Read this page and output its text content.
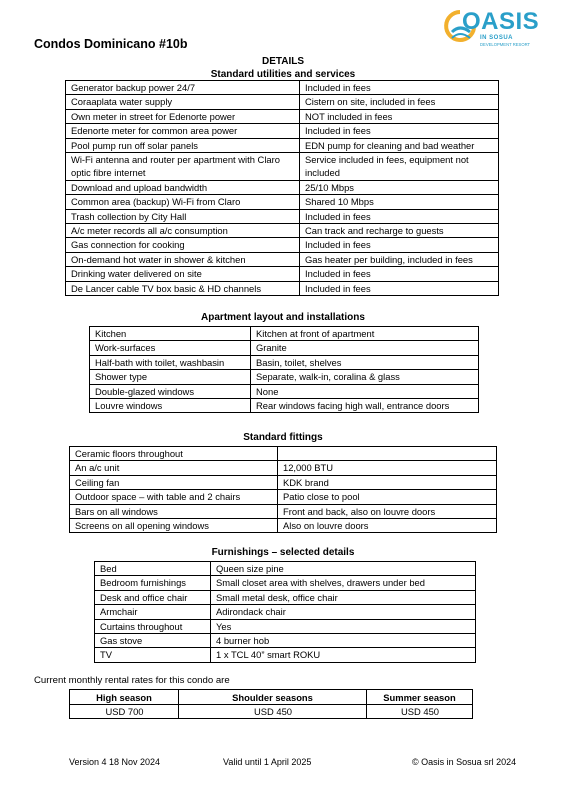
Condos Dominicano #10b
OASIS
IN SOSUA
DEVELOPMENT RESORT
DETAILS
Standard utilities and services
Generator backup power 24/7	Included in fees
Coraaplata water supply	Cistern on site, included in fees
Own meter in street for Edenorte power	NOT included in fees
Edenorte meter for common area power	Included in fees
Pool pump run off solar panels	EDN pump for cleaning and bad weather
Wi-Fi antenna and router per apartment with Claro optic fibre internet	Service included in fees, equipment not included
Download and upload bandwidth	25/10 Mbps
Common area (backup) Wi-Fi from Claro	Shared 10 Mbps
Trash collection by City Hall	Included in fees
A/c meter records all a/c consumption	Can track and recharge to guests
Gas connection for cooking	Included in fees
On-demand hot water in shower & kitchen	Gas heater per building, included in fees
Drinking water delivered on site	Included in fees
De Lancer cable TV box basic & HD channels	Included in fees
Apartment layout and installations
Kitchen	Kitchen at front of apartment
Work-surfaces	Granite
Half-bath with toilet, washbasin	Basin, toilet, shelves
Shower type	Separate, walk-in, coralina & glass
Double-glazed windows	None
Louvre windows	Rear windows facing high wall, entrance doors
Standard fittings
Ceramic floors throughout	
An a/c unit	12,000 BTU
Ceiling fan	KDK brand
Outdoor space – with table and 2 chairs	Patio close to pool
Bars on all windows	Front and back, also on louvre doors
Screens on all opening windows	Also on louvre doors
Furnishings – selected details
Bed	Queen size pine
Bedroom furnishings	Small closet area with shelves, drawers under bed
Desk and office chair	Small metal desk, office chair
Armchair	Adirondack chair
Curtains throughout	Yes
Gas stove	4 burner hob
TV	1 x TCL 40” smart ROKU
Current monthly rental rates for this condo are
High season	Shoulder seasons	Summer season
USD 700	USD 450	USD 450
Version 4 18 Nov 2024	Valid until 1 April 2025	© Oasis in Sosua srl 2024
